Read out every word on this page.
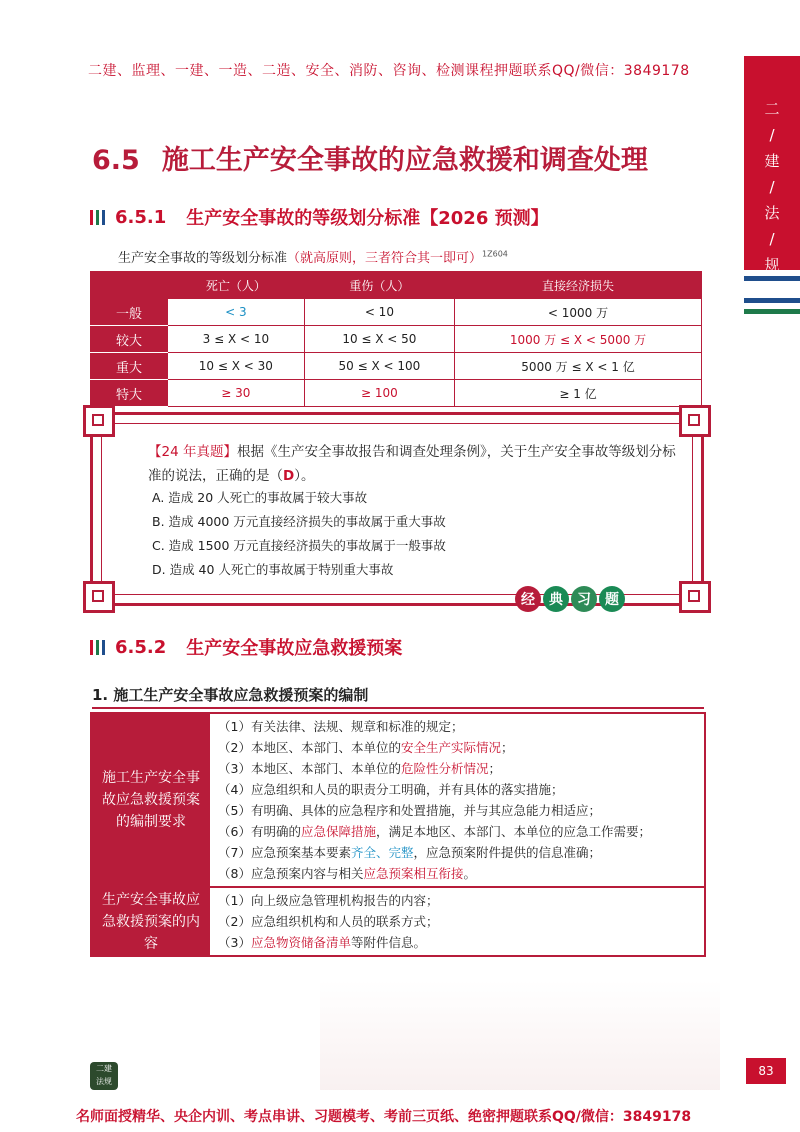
二建、监理、一建、一造、二造、安全、消防、咨询、检测课程押题联系QQ/微信：3849178
二
/
建
/
法
/
规
6.5 施工生产安全事故的应急救援和调查处理
6.5.1 生产安全事故的等级划分标准【2026 预测】
生产安全事故的等级划分标准（就高原则，三者符合其一即可）$^{1Z604}$
	死亡（人）	重伤（人）	直接经济损失
一般	< 3	< 10	< 1000 万
较大	3 ≤ X < 10	10 ≤ X < 50	1000 万 ≤ X < 5000 万
重大	10 ≤ X < 30	50 ≤ X < 100	5000 万 ≤ X < 1 亿
特大	≥ 30	≥ 100	≥ 1 亿
【24 年真题】根据《生产安全事故报告和调查处理条例》，关于生产安全事故等级划分标准的说法，正确的是（D）。
A. 造成 20 人死亡的事故属于较大事故
B. 造成 4000 万元直接经济损失的事故属于重大事故
C. 造成 1500 万元直接经济损失的事故属于一般事故
D. 造成 40 人死亡的事故属于特别重大事故
经	典	习	题
6.5.2 生产安全事故应急救援预案
1. 施工生产安全事故应急救援预案的编制
施工生产安全事故应急救援预案的编制要求
（1）有关法律、法规、规章和标准的规定；
（2）本地区、本部门、本单位的安全生产实际情况；
（3）本地区、本部门、本单位的危险性分析情况；
（4）应急组织和人员的职责分工明确，并有具体的落实措施；
（5）有明确、具体的应急程序和处置措施，并与其应急能力相适应；
（6）有明确的应急保障措施，满足本地区、本部门、本单位的应急工作需要；
（7）应急预案基本要素齐全、完整，应急预案附件提供的信息准确；
（8）应急预案内容与相关应急预案相互衔接。
生产安全事故应急救援预案的内容
（1）向上级应急管理机构报告的内容；
（2）应急组织机构和人员的联系方式；
（3）应急物资储备清单等附件信息。
二建
法规
83
名师面授精华、央企内训、考点串讲、习题模考、考前三页纸、绝密押题联系QQ/微信：3849178
